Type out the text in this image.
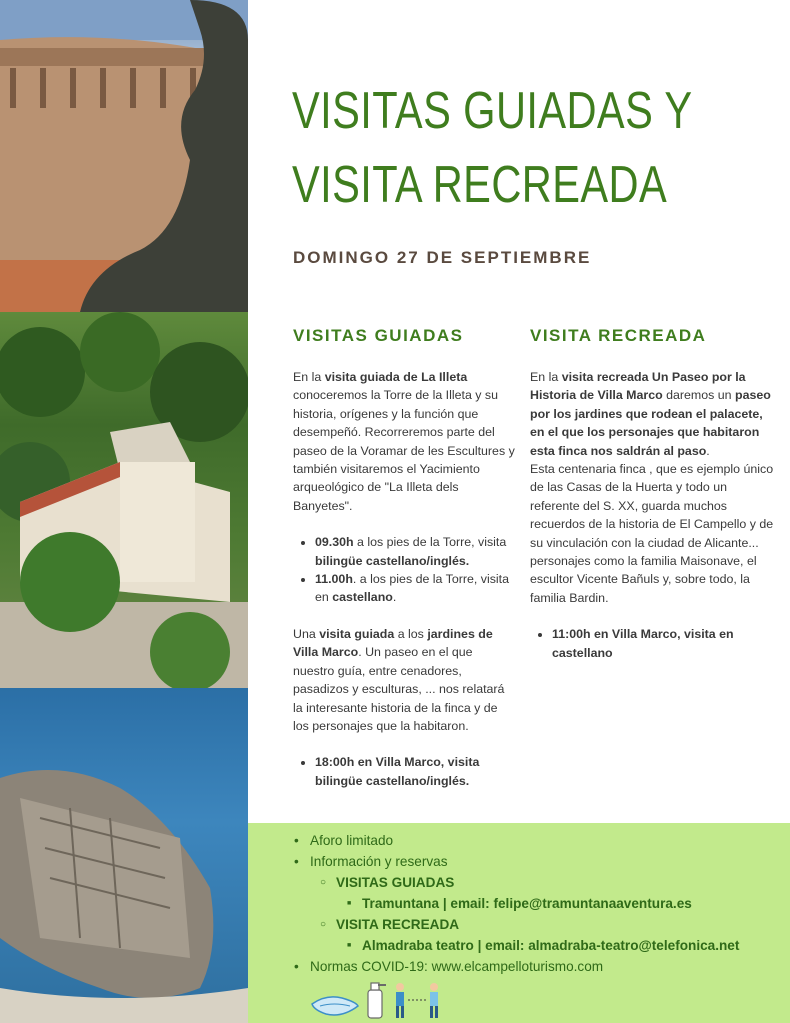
VISITAS GUIADAS Y
VISITA RECREADA
DOMINGO 27 DE SEPTIEMBRE
VISITAS GUIADAS

En la visita guiada de La Illeta
conoceremos la Torre de la Illeta y su historia, orígenes y la función que desempeñó. Recorreremos parte del paseo de la Voramar de les Escultures y también visitaremos el Yacimiento arqueológico de "La Illeta dels Banyetes".

• 09.30h a los pies de la Torre, visita bilingüe castellano/inglés.
• 11.00h. a los pies de la Torre, visita en castellano.

Una visita guiada a los jardines de Villa Marco. Un paseo en el que nuestro guía, entre cenadores, pasadizos y esculturas, ... nos relatará la interesante historia de la finca y de los personajes que la habitaron.

• 18:00h en Villa Marco, visita bilingüe castellano/inglés.
VISITA RECREADA

En la visita recreada Un Paseo por la Historia de Villa Marco daremos un paseo por los jardines que rodean el palacete, en el que los personajes que habitaron esta finca nos saldrán al paso.

Esta centenaria finca , que es ejemplo único de las Casas de la Huerta y todo un referente del S. XX, guarda muchos recuerdos de la historia de El Campello y de su vinculación con la ciudad de Alicante... personajes como la familia Maisonave, el escultor Vicente Bañuls y, sobre todo, la familia Bardin.

• 11:00h en Villa Marco, visita en castellano
• Aforo limitado
• Información y reservas
○ VISITAS GUIADAS
■ Tramuntana | email: felipe@tramuntanaaventura.es
○ VISITA RECREADA
■ Almadraba teatro | email: almadraba-teatro@telefonica.net
• Normas COVID-19: www.elcampelloturismo.com
